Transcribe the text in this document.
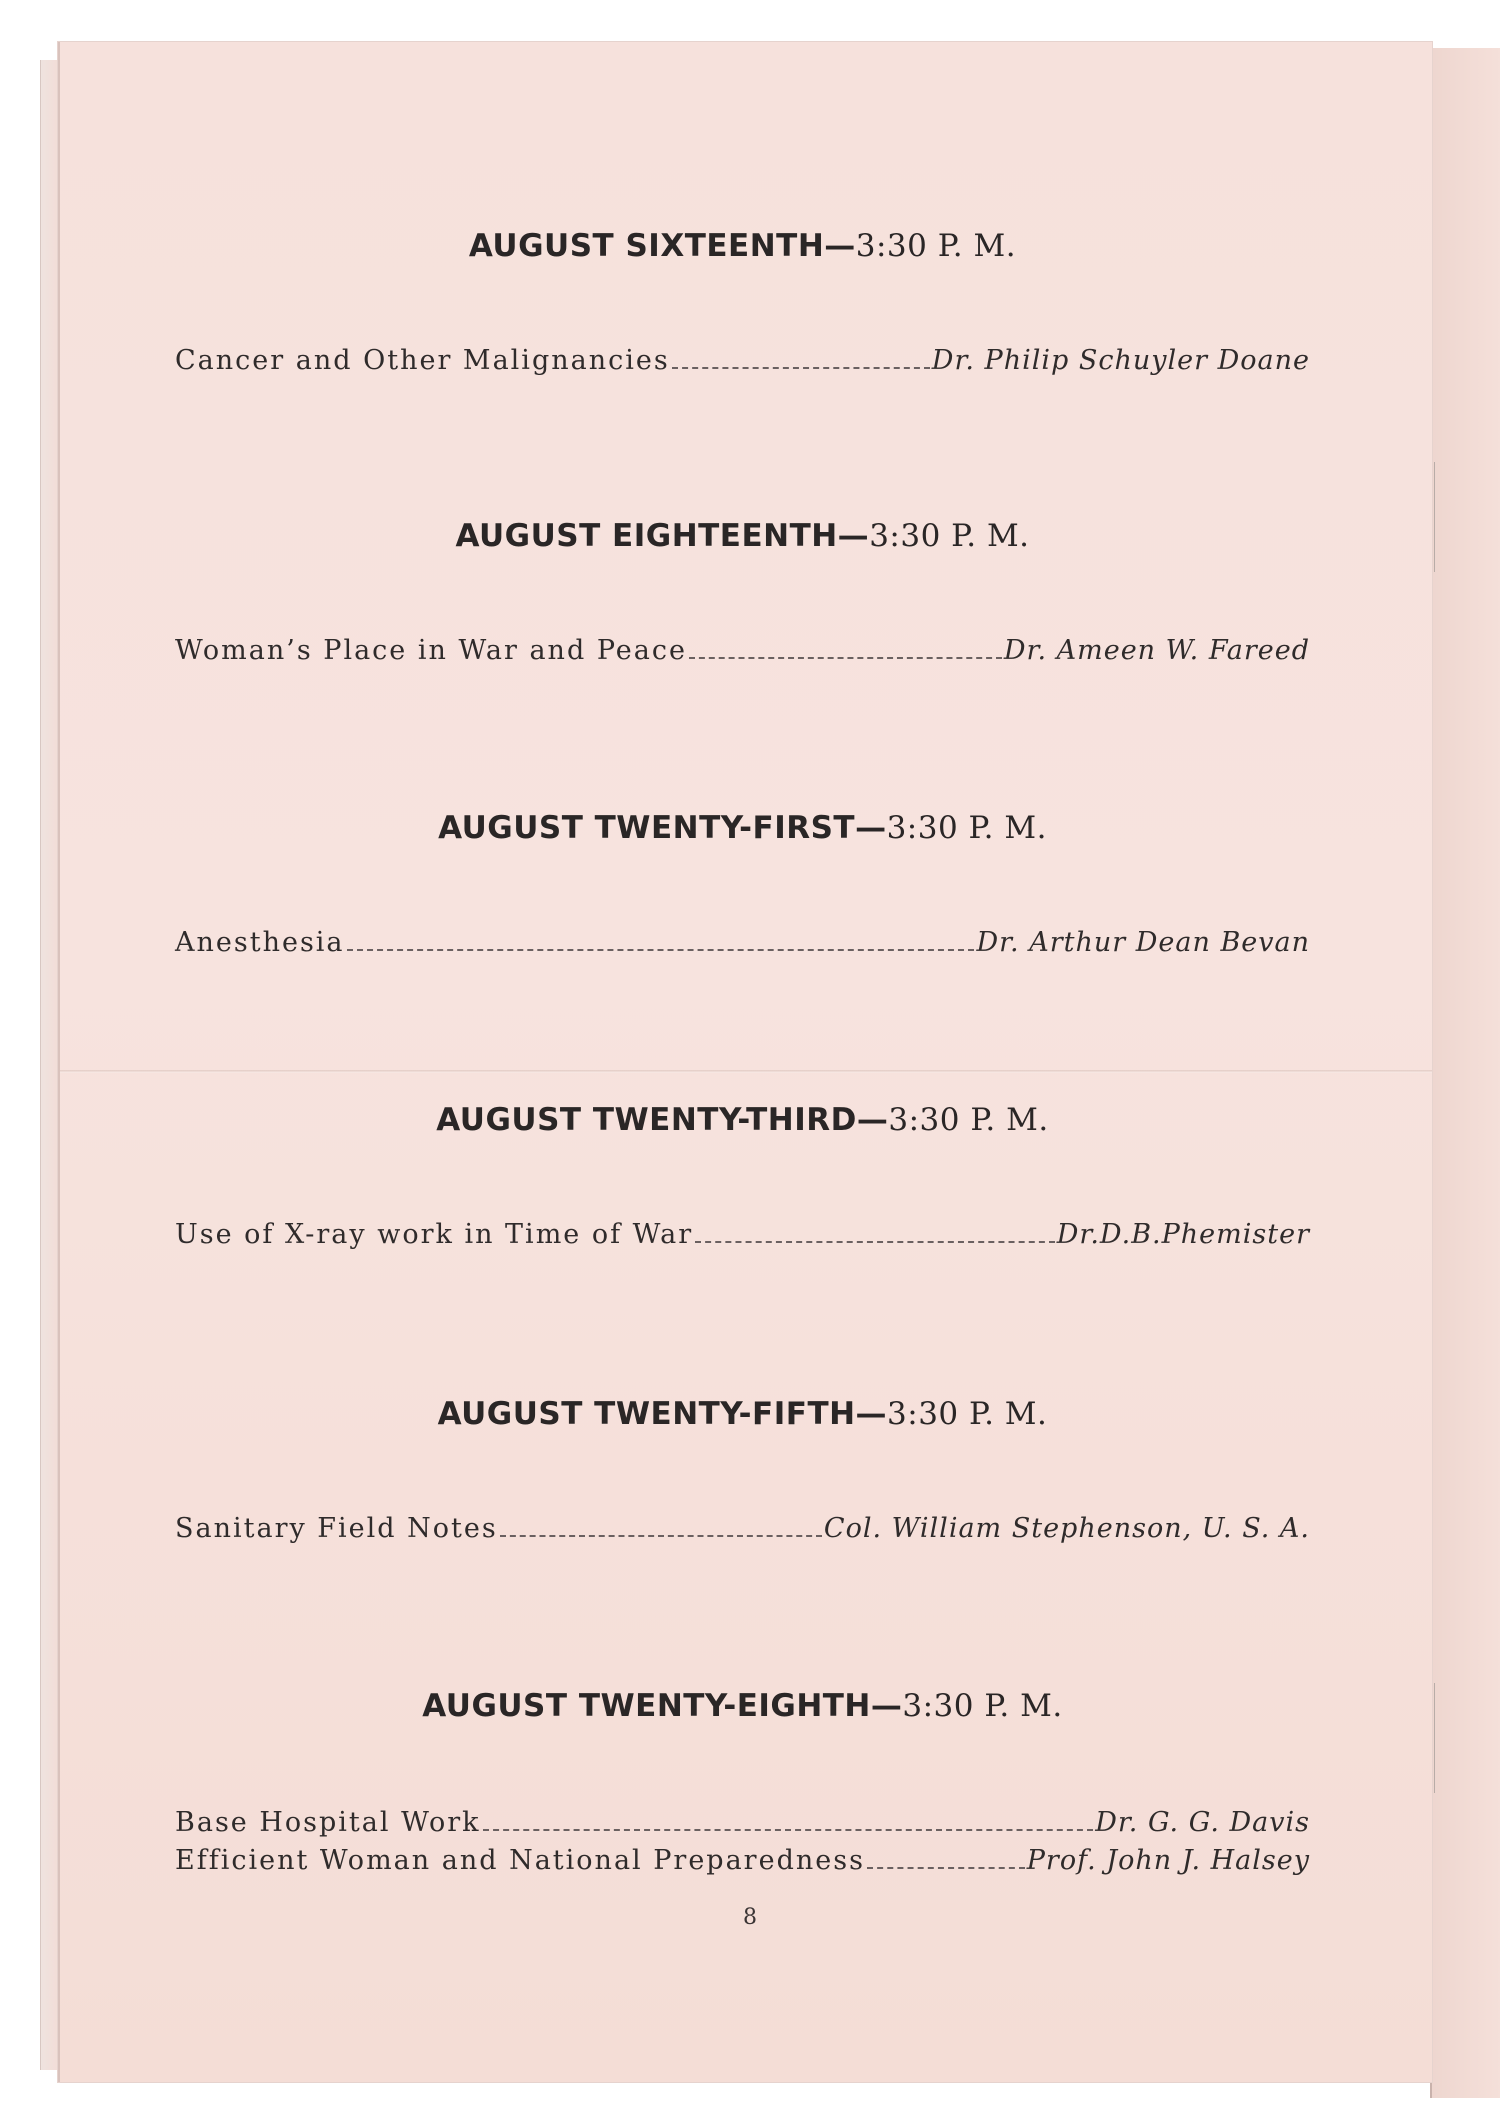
AUGUST SIXTEENTH—3:30 P. M.
Cancer and Other Malignancies	Dr. Philip Schuyler Doane
AUGUST EIGHTEENTH—3:30 P. M.
Woman’s Place in War and Peace	Dr. Ameen W. Fareed
AUGUST TWENTY-FIRST—3:30 P. M.
Anesthesia	Dr. Arthur Dean Bevan
AUGUST TWENTY-THIRD—3:30 P. M.
Use of X-ray work in Time of War	Dr.D.B.Phemister
AUGUST TWENTY-FIFTH—3:30 P. M.
Sanitary Field Notes	Col. William Stephenson, U. S. A.
AUGUST TWENTY-EIGHTH—3:30 P. M.
Base Hospital Work	Dr. G. G. Davis
Efficient Woman and National Preparedness	Prof. John J. Halsey
8
